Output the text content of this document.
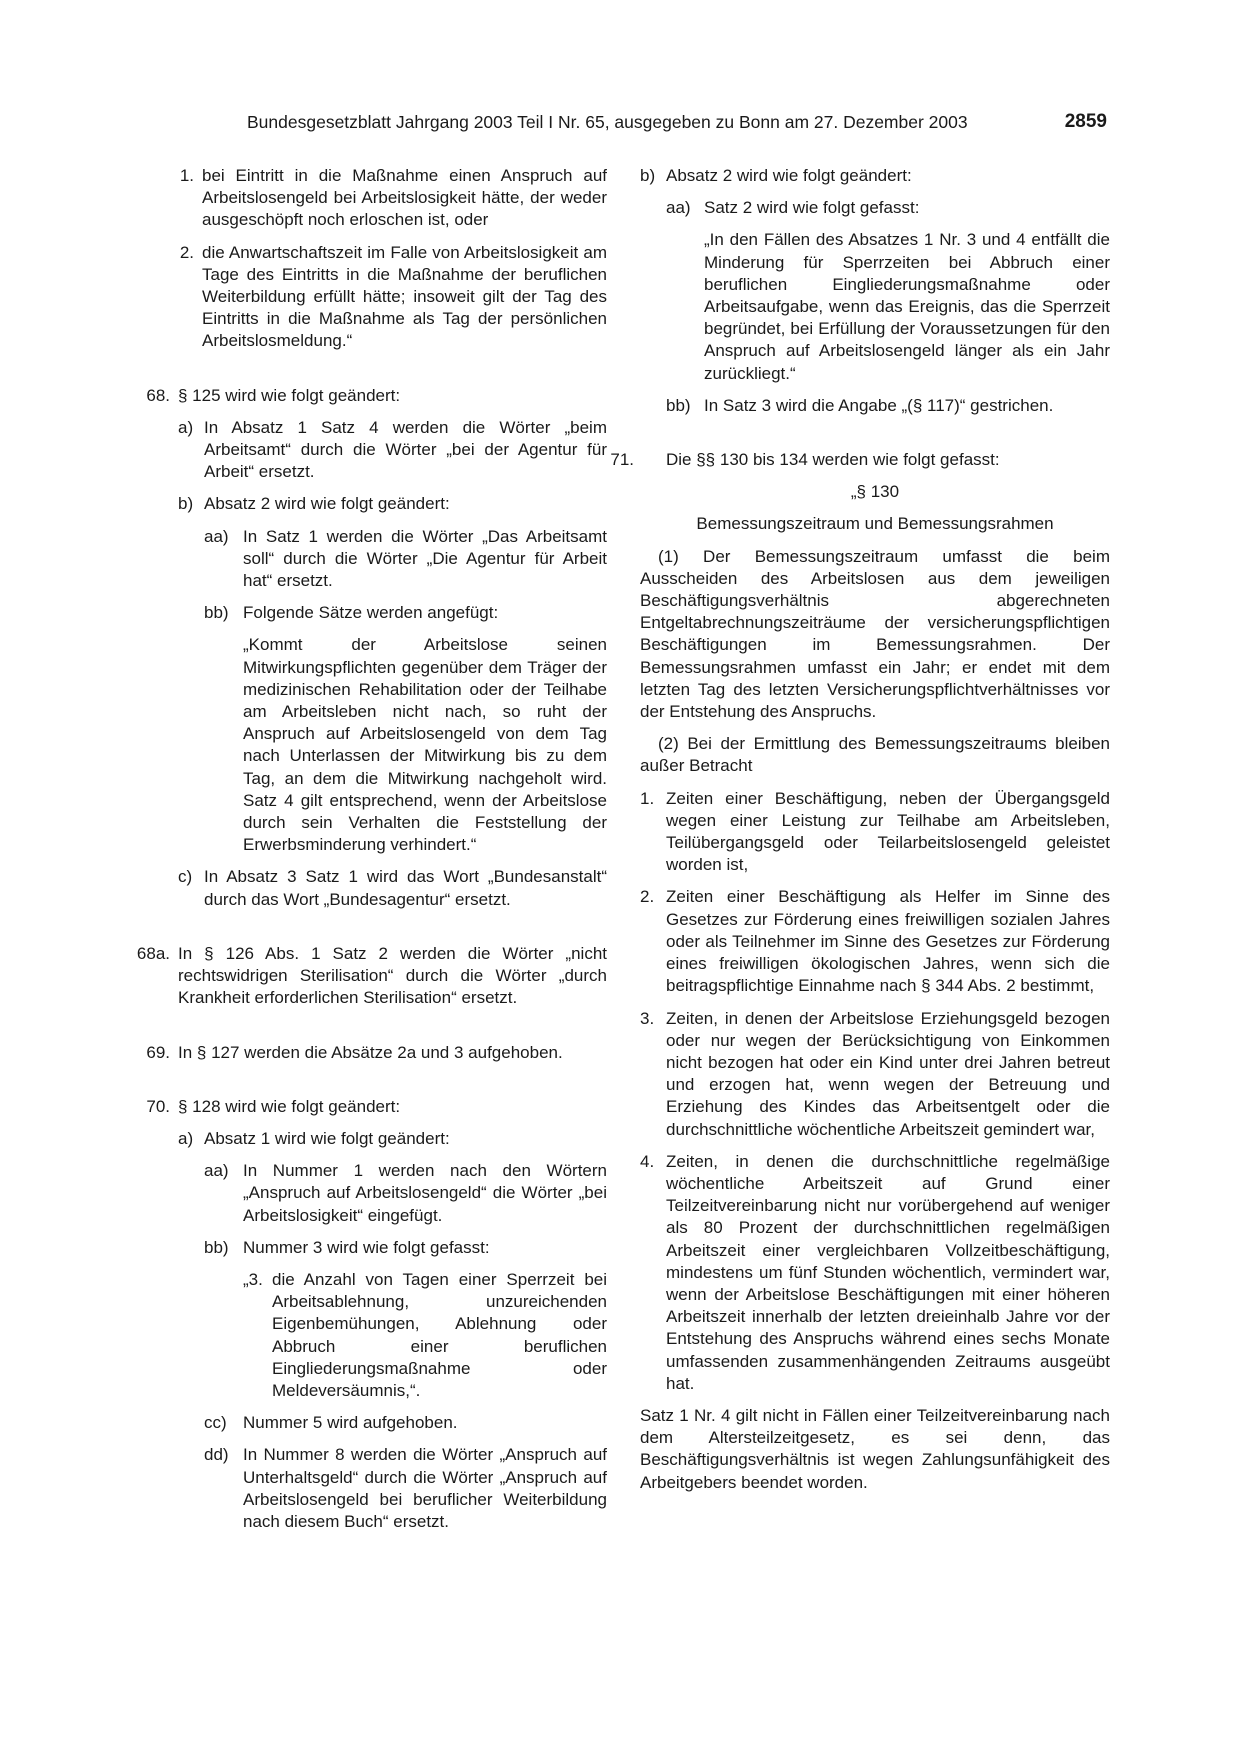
Bundesgesetzblatt Jahrgang 2003 Teil I Nr. 65, ausgegeben zu Bonn am 27. Dezember 2003	2859
1. bei Eintritt in die Maßnahme einen Anspruch auf Arbeitslosengeld bei Arbeitslosigkeit hätte, der weder ausgeschöpft noch erloschen ist, oder
2. die Anwartschaftszeit im Falle von Arbeitslosigkeit am Tage des Eintritts in die Maßnahme der beruflichen Weiterbildung erfüllt hätte; insoweit gilt der Tag des Eintritts in die Maßnahme als Tag der persönlichen Arbeitslosmeldung.“
68. § 125 wird wie folgt geändert:
a) In Absatz 1 Satz 4 werden die Wörter „beim Arbeitsamt“ durch die Wörter „bei der Agentur für Arbeit“ ersetzt.
b) Absatz 2 wird wie folgt geändert:
aa) In Satz 1 werden die Wörter „Das Arbeitsamt soll“ durch die Wörter „Die Agentur für Arbeit hat“ ersetzt.
bb) Folgende Sätze werden angefügt:
„Kommt der Arbeitslose seinen Mitwirkungspflichten gegenüber dem Träger der medizinischen Rehabilitation oder der Teilhabe am Arbeitsleben nicht nach, so ruht der Anspruch auf Arbeitslosengeld von dem Tag nach Unterlassen der Mitwirkung bis zu dem Tag, an dem die Mitwirkung nachgeholt wird. Satz 4 gilt entsprechend, wenn der Arbeitslose durch sein Verhalten die Feststellung der Erwerbsminderung verhindert.“
c) In Absatz 3 Satz 1 wird das Wort „Bundesanstalt“ durch das Wort „Bundesagentur“ ersetzt.
68a. In § 126 Abs. 1 Satz 2 werden die Wörter „nicht rechtswidrigen Sterilisation“ durch die Wörter „durch Krankheit erforderlichen Sterilisation“ ersetzt.
69. In § 127 werden die Absätze 2a und 3 aufgehoben.
70. § 128 wird wie folgt geändert:
a) Absatz 1 wird wie folgt geändert:
aa) In Nummer 1 werden nach den Wörtern „Anspruch auf Arbeitslosengeld“ die Wörter „bei Arbeitslosigkeit“ eingefügt.
bb) Nummer 3 wird wie folgt gefasst:
„3. die Anzahl von Tagen einer Sperrzeit bei Arbeitsablehnung, unzureichenden Eigenbemühungen, Ablehnung oder Abbruch einer beruflichen Eingliederungsmaßnahme oder Meldeversäumnis,“.
cc) Nummer 5 wird aufgehoben.
dd) In Nummer 8 werden die Wörter „Anspruch auf Unterhaltsgeld“ durch die Wörter „Anspruch auf Arbeitslosengeld bei beruflicher Weiterbildung nach diesem Buch“ ersetzt.
b) Absatz 2 wird wie folgt geändert:
aa) Satz 2 wird wie folgt gefasst:
„In den Fällen des Absatzes 1 Nr. 3 und 4 entfällt die Minderung für Sperrzeiten bei Abbruch einer beruflichen Eingliederungsmaßnahme oder Arbeitsaufgabe, wenn das Ereignis, das die Sperrzeit begründet, bei Erfüllung der Voraussetzungen für den Anspruch auf Arbeitslosengeld länger als ein Jahr zurückliegt.“
bb) In Satz 3 wird die Angabe „(§ 117)“ gestrichen.
71. Die §§ 130 bis 134 werden wie folgt gefasst:
„§ 130
Bemessungszeitraum und Bemessungsrahmen
(1) Der Bemessungszeitraum umfasst die beim Ausscheiden des Arbeitslosen aus dem jeweiligen Beschäftigungsverhältnis abgerechneten Entgeltabrechnungszeiträume der versicherungspflichtigen Beschäftigungen im Bemessungsrahmen. Der Bemessungsrahmen umfasst ein Jahr; er endet mit dem letzten Tag des letzten Versicherungspflichtverhältnisses vor der Entstehung des Anspruchs.
(2) Bei der Ermittlung des Bemessungszeitraums bleiben außer Betracht
1. Zeiten einer Beschäftigung, neben der Übergangsgeld wegen einer Leistung zur Teilhabe am Arbeitsleben, Teilübergangsgeld oder Teilarbeitslosengeld geleistet worden ist,
2. Zeiten einer Beschäftigung als Helfer im Sinne des Gesetzes zur Förderung eines freiwilligen sozialen Jahres oder als Teilnehmer im Sinne des Gesetzes zur Förderung eines freiwilligen ökologischen Jahres, wenn sich die beitragspflichtige Einnahme nach § 344 Abs. 2 bestimmt,
3. Zeiten, in denen der Arbeitslose Erziehungsgeld bezogen oder nur wegen der Berücksichtigung von Einkommen nicht bezogen hat oder ein Kind unter drei Jahren betreut und erzogen hat, wenn wegen der Betreuung und Erziehung des Kindes das Arbeitsentgelt oder die durchschnittliche wöchentliche Arbeitszeit gemindert war,
4. Zeiten, in denen die durchschnittliche regelmäßige wöchentliche Arbeitszeit auf Grund einer Teilzeitvereinbarung nicht nur vorübergehend auf weniger als 80 Prozent der durchschnittlichen regelmäßigen Arbeitszeit einer vergleichbaren Vollzeitbeschäftigung, mindestens um fünf Stunden wöchentlich, vermindert war, wenn der Arbeitslose Beschäftigungen mit einer höheren Arbeitszeit innerhalb der letzten dreieinhalb Jahre vor der Entstehung des Anspruchs während eines sechs Monate umfassenden zusammenhängenden Zeitraums ausgeübt hat.
Satz 1 Nr. 4 gilt nicht in Fällen einer Teilzeitvereinbarung nach dem Altersteilzeitgesetz, es sei denn, das Beschäftigungsverhältnis ist wegen Zahlungsunfähigkeit des Arbeitgebers beendet worden.
